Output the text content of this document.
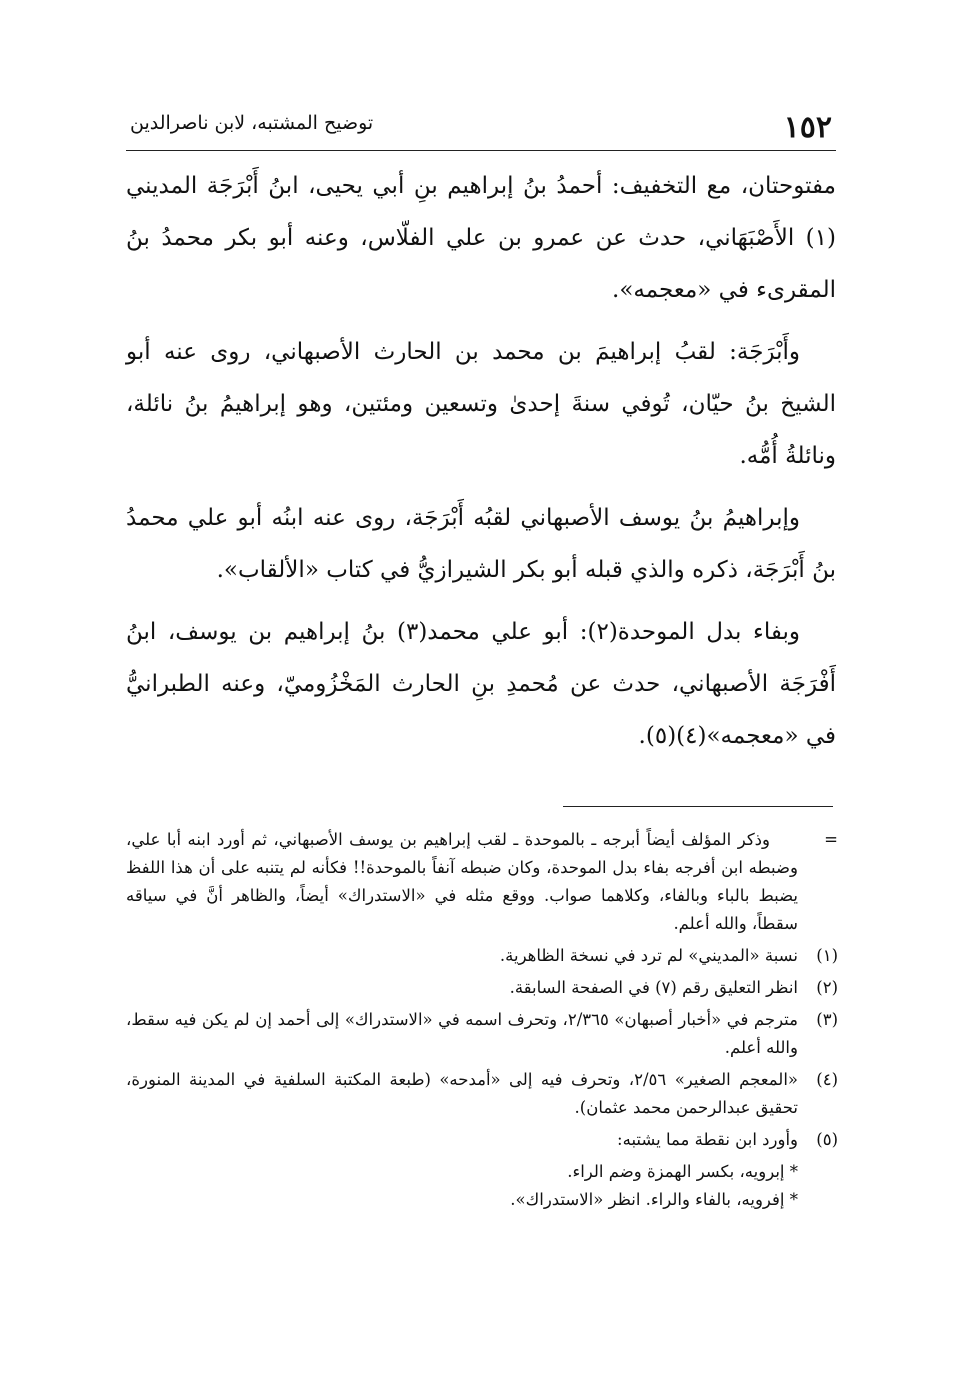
١٥٢
توضيح المشتبه، لابن ناصرالدين

مفتوحتان، مع التخفيف: أحمدُ بنُ إبراهيم بنِ أبي يحيى، ابنُ أَبْرَجَة المديني (١) الأَصْبَهَاني، حدث عن عمرو بن علي الفلّاس، وعنه أبو بكر محمدُ بنُ المقرىء في «معجمه».

وأَبْرَجَة: لقبُ إبراهيمَ بن محمد بن الحارث الأصبهاني، روى عنه أبو الشيخ بنُ حيّان، تُوفي سنةَ إحدىٰ وتسعين ومئتين، وهو إبراهيمُ بنُ نائلة، ونائلةُ أُمُّه.

وإبراهيمُ بنُ يوسف الأصبهاني لقبُه أَبْرَجَة، روى عنه ابنُه أبو علي محمدُ بنُ أَبْرَجَة، ذكره والذي قبله أبو بكر الشيرازيُّ في كتاب «الألقاب».

وبفاء بدل الموحدة(٢): أبو علي محمد(٣) بنُ إبراهيم بن يوسف، ابنُ أَفْرَجَة الأصبهاني، حدث عن مُحمدِ بنِ الحارث المَخْزُوميّ، وعنه الطبرانيُّ في «معجمه»(٤)(٥).

=
وذكر المؤلف أيضاً أبرجه ـ بالموحدة ـ لقب إبراهيم بن يوسف الأصبهاني، ثم أورد ابنه أبا علي، وضبطه ابن أفرجه بفاء بدل الموحدة، وكان ضبطه آنفاً بالموحدة!! فكأنه لم يتنبه على أن هذا اللفظ يضبط بالباء وبالفاء، وكلاهما صواب. ووقع مثله في «الاستدراك» أيضاً، والظاهر أنَّ في سياقه سقطاً، والله أعلم.
(١)
نسبة «المديني» لم ترد في نسخة الظاهرية.
(٢)
انظر التعليق رقم (٧) في الصفحة السابقة.
(٣)
مترجم في «أخبار أصبهان» ٢/٣٦٥، وتحرف اسمه في «الاستدراك» إلى أحمد إن لم يكن فيه سقط، والله أعلم.
(٤)
«المعجم الصغير» ٢/٥٦، وتحرف فيه إلى «أمدحه» (طبعة المكتبة السلفية في المدينة المنورة، تحقيق عبدالرحمن محمد عثمان).
(٥)
وأورد ابن نقطة مما يشتبه:
* إبرويه، بكسر الهمزة وضم الراء.
* إفرويه، بالفاء والراء. انظر «الاستدراك».
